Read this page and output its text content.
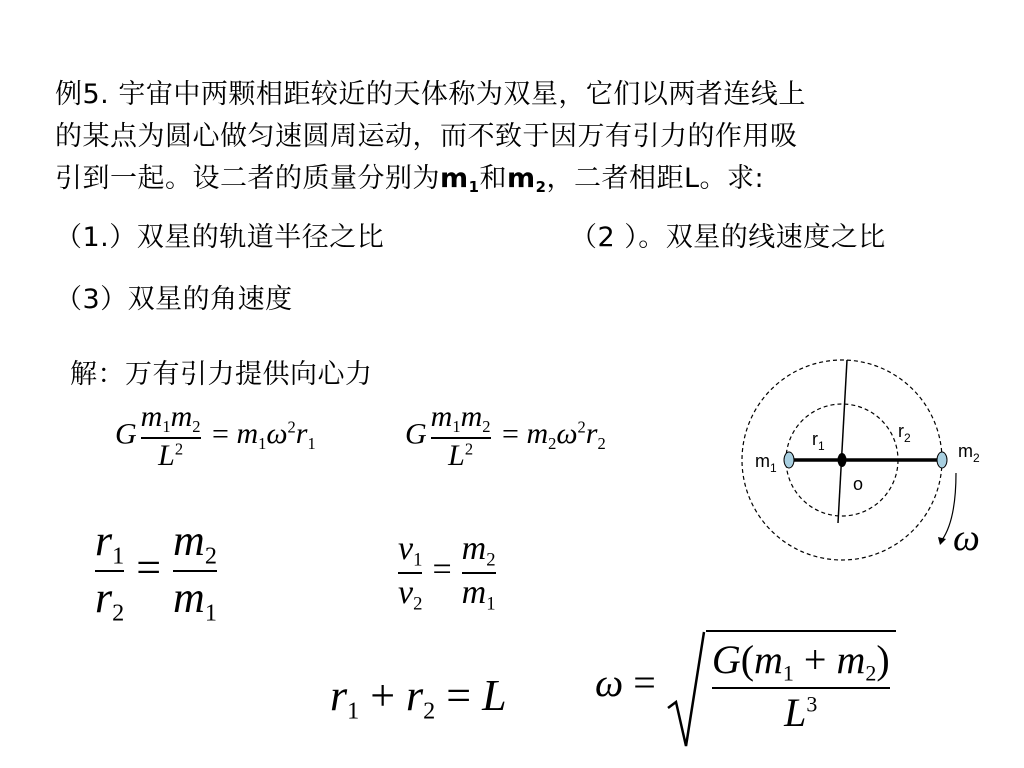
例5. 宇宙中两颗相距较近的天体称为双星，它们以两者连线上
的某点为圆心做匀速圆周运动，而不致于因万有引力的作用吸
引到一起。设二者的质量分别为$m_1$和$m_2$，二者相距L。求:
（1.）双星的轨道半径之比	（2 ）。双星的线速度之比
（3）双星的角速度
解：万有引力提供向心力
G $\frac{m_1m_2}{L^2} = m_1\omega^2r_1$	G $\frac{m_1m_2}{L^2} = m_2\omega^2r_2$
$\frac{r_1}{r_2} = \frac{m_2}{m_1}$	$\frac{v_1}{v_2} = \frac{m_2}{m_1}$
$r_1 + r_2 = L$ $\omega = \frac{G(m_1 + m_2)}{L^3}$
$m_1$
$m_2$
$r_1$
$r_2$
o
ω
